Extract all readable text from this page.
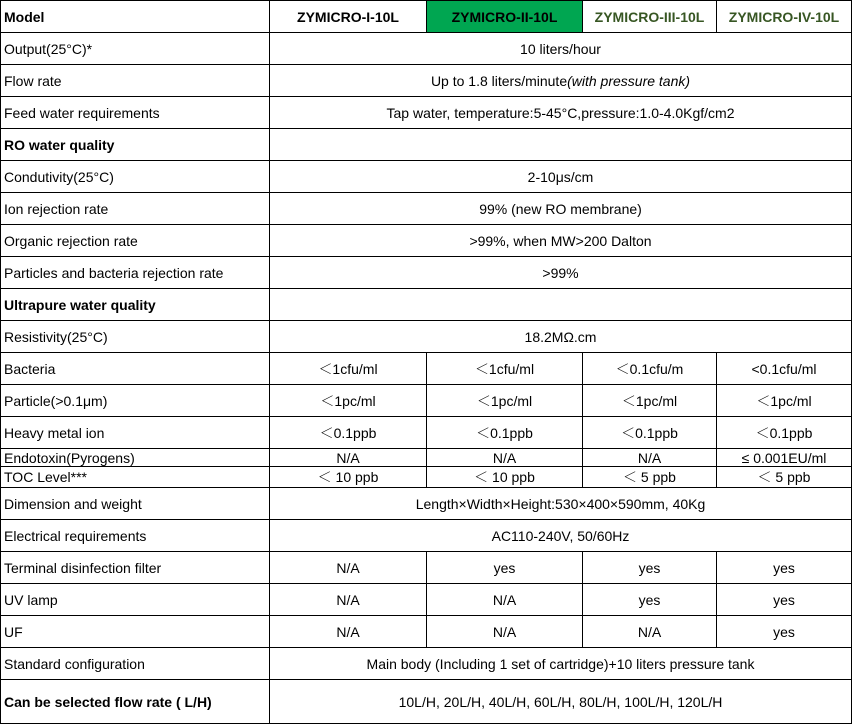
Model	ZYMICRO-I-10L	ZYMICRO-II-10L	ZYMICRO-III-10L	ZYMICRO-IV-10L
Output(25°C)*	10 liters/hour			
Flow rate	Up to 1.8 liters/minute(with pressure tank)			
Feed water requirements	Tap water, temperature:5-45°C,pressure:1.0-4.0Kgf/cm2			
RO water quality				
Condutivity(25°C)	2-10μs/cm			
Ion rejection rate	99% (new RO membrane)			
Organic rejection rate	>99%, when MW>200 Dalton			
Particles and bacteria rejection rate	>99%			
Ultrapure water quality				
Resistivity(25°C)	18.2MΩ.cm			
Bacteria	＜1cfu/ml	＜1cfu/ml	＜0.1cfu/m	<0.1cfu/ml
Particle(>0.1μm)	＜1pc/ml	＜1pc/ml	＜1pc/ml	＜1pc/ml
Heavy metal ion	＜0.1ppb	＜0.1ppb	＜0.1ppb	＜0.1ppb
Endotoxin(Pyrogens)	N/A	N/A	N/A	≤ 0.001EU/ml
TOC Level***	＜ 10 ppb	＜ 10 ppb	＜ 5 ppb	＜ 5 ppb
Dimension and weight	Length×Width×Height:530×400×590mm, 40Kg			
Electrical requirements	AC110-240V, 50/60Hz			
Terminal disinfection filter	N/A	yes	yes	yes
UV lamp	N/A	N/A	yes	yes
UF	N/A	N/A	N/A	yes
Standard configuration	Main body (Including 1 set of cartridge)+10 liters pressure tank			
Can be selected flow rate ( L/H)	10L/H, 20L/H, 40L/H, 60L/H, 80L/H, 100L/H, 120L/H			
